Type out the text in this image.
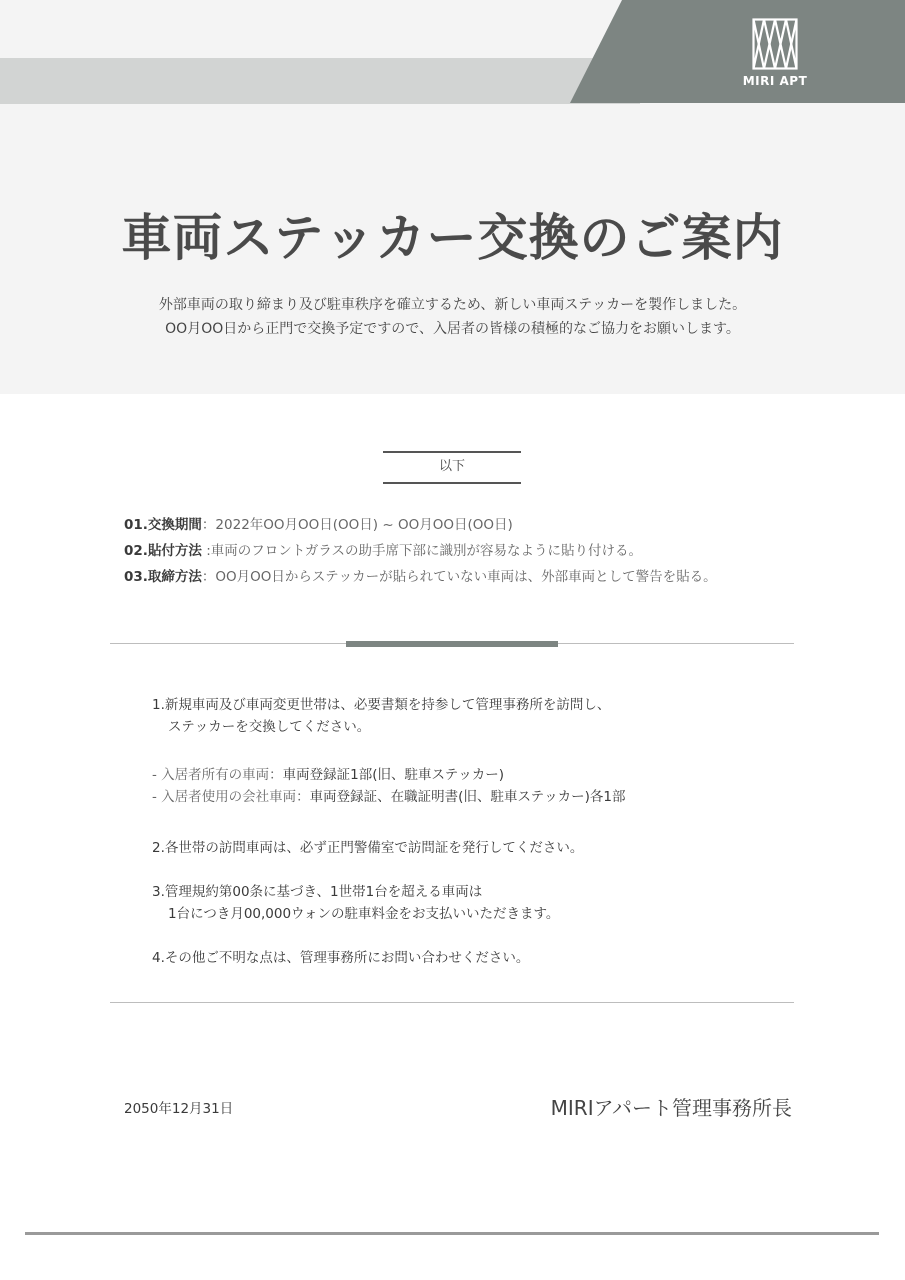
MIRI APT
車両ステッカー交換のご案内
外部車両の取り締まり及び駐車秩序を確立するため、新しい車両ステッカーを製作しました。
OO月OO日から正門で交換予定ですので、入居者の皆様の積極的なご協力をお願いします。
以下
01.交換期間：2022年OO月OO日(OO日) ~ OO月OO日(OO日)
02.貼付方法 :車両のフロントガラスの助手席下部に識別が容易なように貼り付ける。
03.取締方法：OO月OO日からステッカーが貼られていない車両は、外部車両として警告を貼る。

1.新規車両及び車両変更世帯は、必要書類を持参して管理事務所を訪問し、

ステッカーを交換してください。

- 入居者所有の車両：車両登録証1部(旧、駐車ステッカー)

- 入居者使用の会社車両：車両登録証、在職証明書(旧、駐車ステッカー)各1部

2.各世帯の訪問車両は、必ず正門警備室で訪問証を発行してください。

3.管理規約第00条に基づき、1世帯1台を超える車両は

1台につき月00,000ウォンの駐車料金をお支払いいただきます。

4.その他ご不明な点は、管理事務所にお問い合わせください。

2050年12月31日	MIRIアパート管理事務所長
